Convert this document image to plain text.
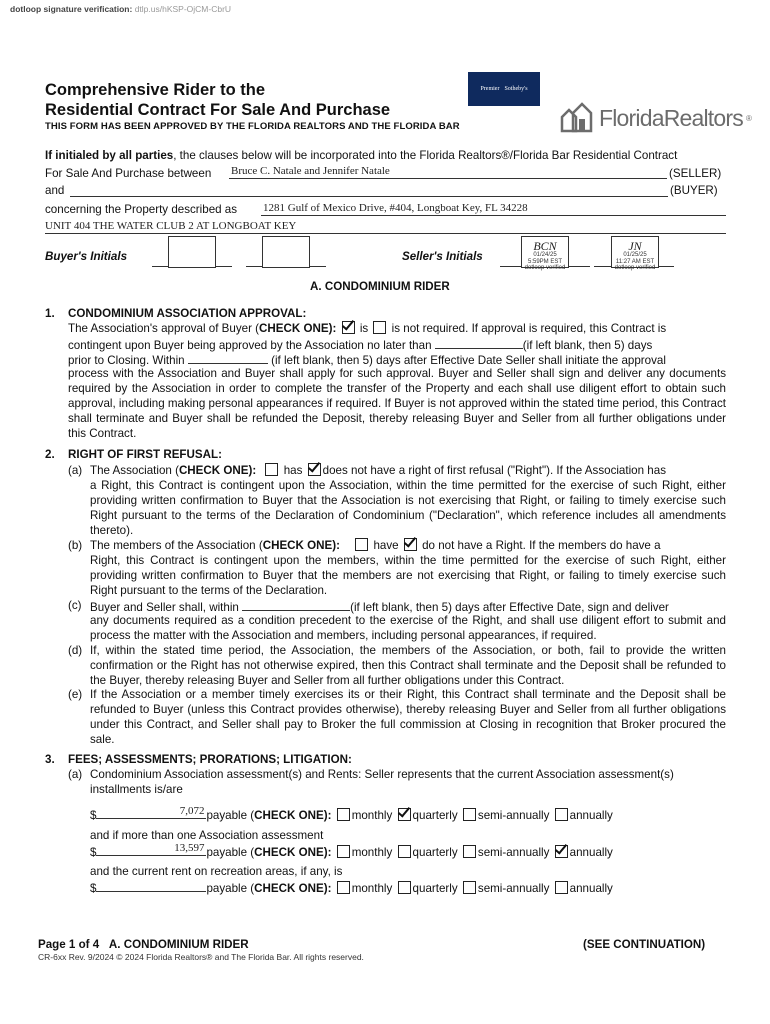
dotloop signature verification: dtlp.us/hKSP-OjCM-CbrU
Comprehensive Rider to the
Residential Contract For Sale And Purchase
THIS FORM HAS BEEN APPROVED BY THE FLORIDA REALTORS AND THE FLORIDA BAR
Premier Sotheby's
FloridaRealtors ®
If initialed by all parties, the clauses below will be incorporated into the Florida Realtors®/Florida Bar Residential Contract
For Sale And Purchase between Bruce C. Natale and Jennifer Natale	(SELLER)
and	(BUYER)
concerning the Property described as 1281 Gulf of Mexico Drive, #404, Longboat Key, FL 34228
UNIT 404 THE WATER CLUB 2 AT LONGBOAT KEY
Buyer's Initials	Seller's Initials
BCN
01/24/25
5:59PM EST
dotloop verified
JN
01/25/25
11:27 AM EST
dotloop verified
A. CONDOMINIUM RIDER
1. CONDOMINIUM ASSOCIATION APPROVAL:
The Association's approval of Buyer (CHECK ONE): is is not required. If approval is required, this Contract is
contingent upon Buyer being approved by the Association no later than	(if left blank, then 5) days
prior to Closing. Within	(if left blank, then 5) days after Effective Date Seller shall initiate the approval
process with the Association and Buyer shall apply for such approval. Buyer and Seller shall sign and deliver any documents required by the Association in order to complete the transfer of the Property and each shall use diligent effort to obtain such approval, including making personal appearances if required. If Buyer is not approved within the stated time period, this Contract shall terminate and Buyer shall be refunded the Deposit, thereby releasing Buyer and Seller from all further obligations under this Contract.
2. RIGHT OF FIRST REFUSAL:
(a) The Association (CHECK ONE): has does not have a right of first refusal ("Right"). If the Association has
a Right, this Contract is contingent upon the Association, within the time permitted for the exercise of such Right, either providing written confirmation to Buyer that the Association is not exercising that Right, or failing to timely exercise such Right pursuant to the terms of the Declaration of Condominium ("Declaration", which reference includes all amendments thereto).
(b) The members of the Association (CHECK ONE):	have do not have a Right. If the members do have a
Right, this Contract is contingent upon the members, within the time permitted for the exercise of such Right, either providing written confirmation to Buyer that the members are not exercising that Right, or failing to timely exercise such Right pursuant to the terms of the Declaration.
(c) Buyer and Seller shall, within	(if left blank, then 5) days after Effective Date, sign and deliver
any documents required as a condition precedent to the exercise of the Right, and shall use diligent effort to submit and process the matter with the Association and members, including personal appearances, if required.
(d) If, within the stated time period, the Association, the members of the Association, or both, fail to provide the written confirmation or the Right has not otherwise expired, then this Contract shall terminate and the Deposit shall be refunded to the Buyer, thereby releasing Buyer and Seller from all further obligations under this Contract.
(e) If the Association or a member timely exercises its or their Right, this Contract shall terminate and the Deposit shall be refunded to Buyer (unless this Contract provides otherwise), thereby releasing Buyer and Seller from all further obligations under this Contract, and Seller shall pay to Broker the full commission at Closing in recognition that Broker procured the sale.
3. FEES; ASSESSMENTS; PRORATIONS; LITIGATION:
(a) Condominium Association assessment(s) and Rents: Seller represents that the current Association assessment(s)
installments is/are
$	7,072 payable (CHECK ONE): monthly quarterly semi-annually annually
and if more than one Association assessment
$	13,597 payable (CHECK ONE): monthly quarterly semi-annually annually
and the current rent on recreation areas, if any, is
$	payable (CHECK ONE): monthly quarterly semi-annually annually
Page 1 of 4 A. CONDOMINIUM RIDER	(SEE CONTINUATION)
CR-6xx Rev. 9/2024 © 2024 Florida Realtors® and The Florida Bar. All rights reserved.
